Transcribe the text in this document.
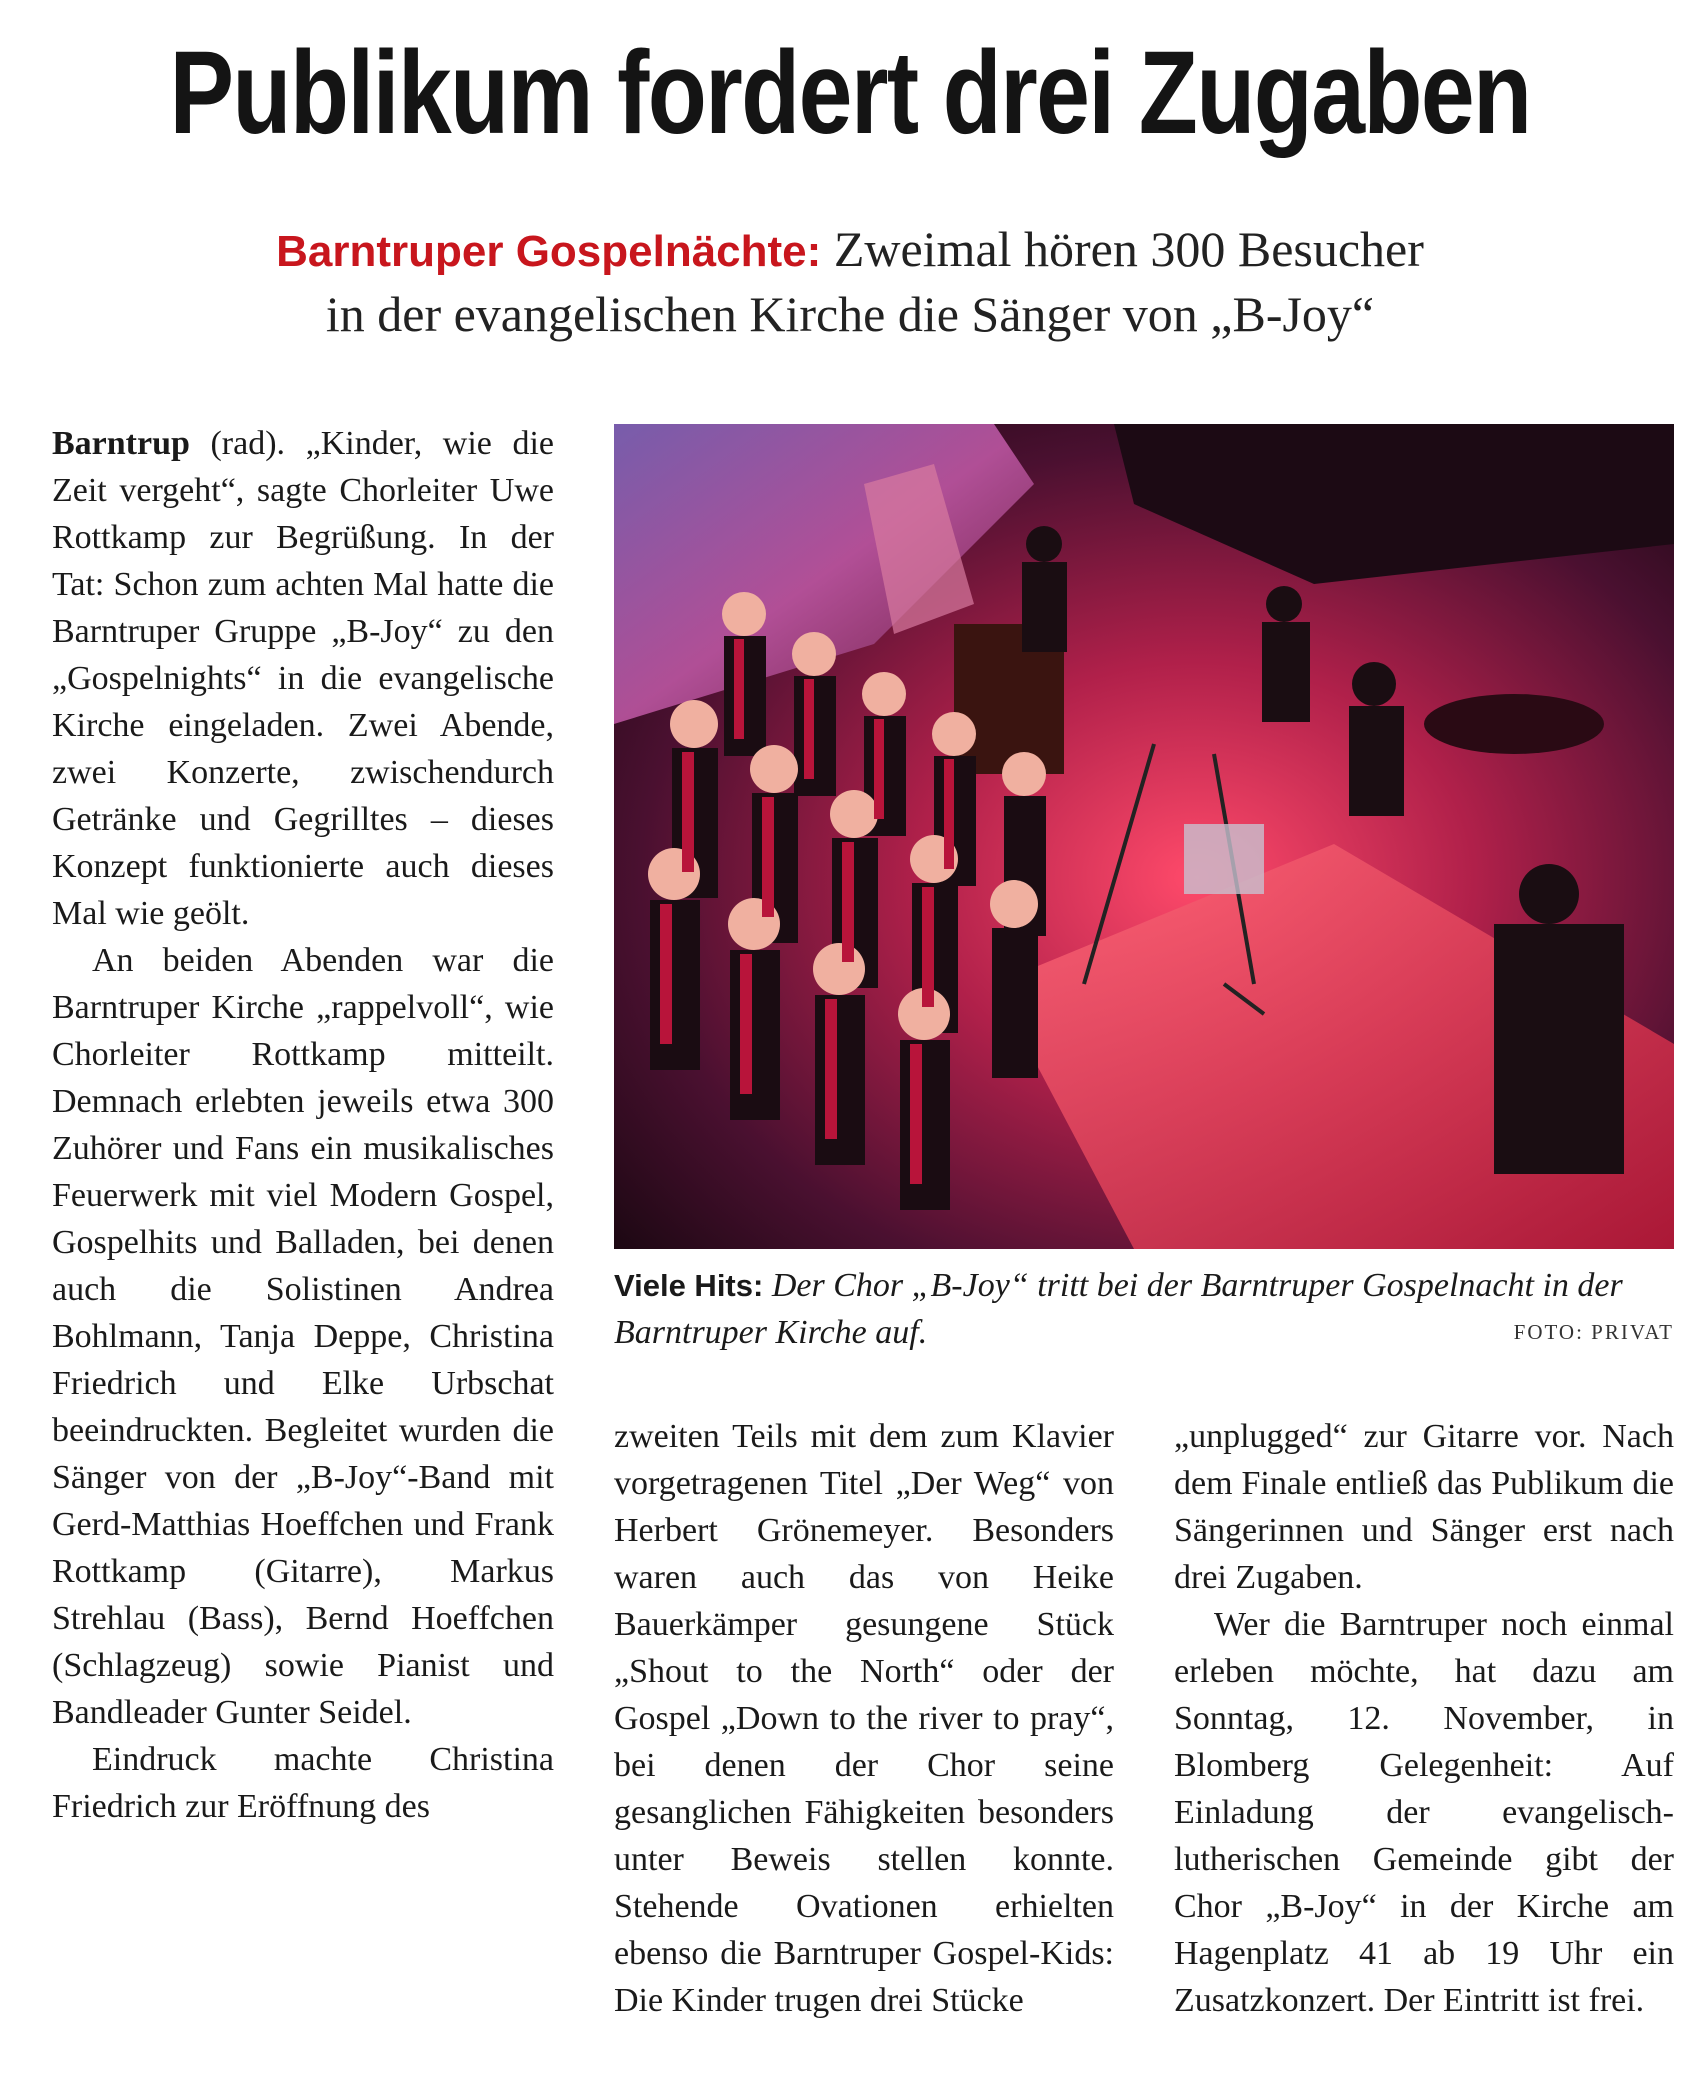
Publikum fordert drei Zugaben
Barntruper Gospelnächte: Zweimal hören 300 Besucher
in der evangelischen Kirche die Sänger von „B-Joy“

Barntrup (rad). „Kinder, wie die Zeit vergeht“, sagte Chorleiter Uwe Rottkamp zur Begrüßung. In der Tat: Schon zum achten Mal hatte die Barntruper Gruppe „B-Joy“ zu den „Gospelnights“ in die evangelische Kirche eingeladen. Zwei Abende, zwei Konzerte, zwischendurch Getränke und Gegrilltes – dieses Konzept funktionierte auch dieses Mal wie geölt.

An beiden Abenden war die Barntruper Kirche „rappelvoll“, wie Chorleiter Rottkamp mitteilt. Demnach erlebten jeweils etwa 300 Zuhörer und Fans ein musikalisches Feuerwerk mit viel Modern Gospel, Gospelhits und Balladen, bei denen auch die Solistinen Andrea Bohlmann, Tanja Deppe, Christina Friedrich und Elke Urbschat beeindruckten. Begleitet wurden die Sänger von der „B-Joy“-Band mit Gerd-Matthias Hoeffchen und Frank Rottkamp (Gitarre), Markus Strehlau (Bass), Bernd Hoeffchen (Schlagzeug) sowie Pianist und Bandleader Gunter Seidel.

Eindruck machte Christina Friedrich zur Eröffnung des

Viele Hits: Der Chor „B-Joy“ tritt bei der Barntruper Gospelnacht in der Barntruper Kirche auf.	FOTO: PRIVAT

zweiten Teils mit dem zum Klavier vorgetragenen Titel „Der Weg“ von Herbert Grönemeyer. Besonders waren auch das von Heike Bauerkämper gesungene Stück „Shout to the North“ oder der Gospel „Down to the river to pray“, bei denen der Chor seine gesanglichen Fähigkeiten besonders unter Beweis stellen konnte. Stehende Ovationen erhielten ebenso die Barntruper Gospel-Kids: Die Kinder trugen drei Stücke

„unplugged“ zur Gitarre vor. Nach dem Finale entließ das Publikum die Sängerinnen und Sänger erst nach drei Zugaben.

Wer die Barntruper noch einmal erleben möchte, hat dazu am Sonntag, 12. November, in Blomberg Gelegenheit: Auf Einladung der evangelisch-lutherischen Gemeinde gibt der Chor „B-Joy“ in der Kirche am Hagenplatz 41 ab 19 Uhr ein Zusatzkonzert. Der Eintritt ist frei.
